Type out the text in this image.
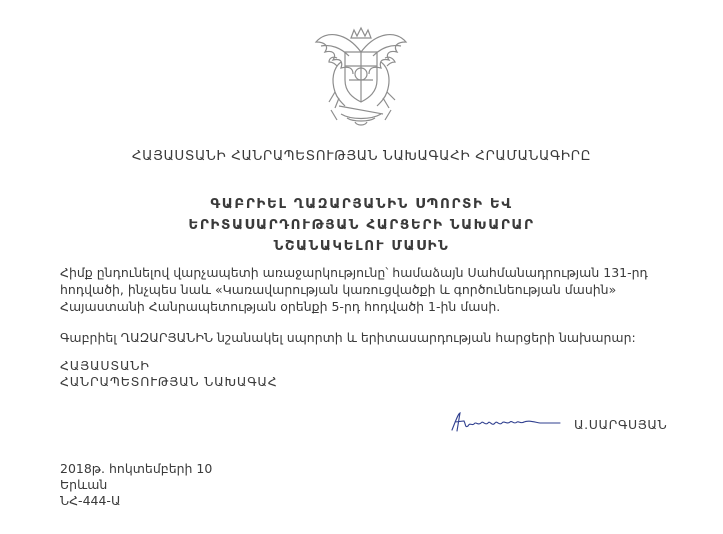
ՀԱՅԱՍՏԱՆԻ ՀԱՆՐԱՊԵՏՈՒԹՅԱՆ ՆԱԽԱԳԱՀԻ ՀՐԱՄԱՆԱԳԻՐԸ
ԳԱԲՐԻԵԼ ՂԱԶԱՐՅԱՆԻՆ ՍՊՈՐՏԻ ԵՎ
ԵՐԻՏԱՍԱՐԴՈՒԹՅԱՆ ՀԱՐՑԵՐԻ ՆԱԽԱՐԱՐ
ՆՇԱՆԱԿԵԼՈՒ ՄԱՍԻՆ
Հիմք ընդունելով վարչապետի առաջարկությունը՝ համաձայն Սահմանադրության 131-րդ
հոդվածի, ինչպես նաև «Կառավարության կառուցվածքի և գործունեության մասին»
Հայաստանի Հանրապետության օրենքի 5-րդ հոդվածի 1-ին մասի.
Գաբրիել ՂԱԶԱՐՅԱՆԻՆ նշանակել սպորտի և երիտասարդության հարցերի նախարար:
ՀԱՅԱՍՏԱՆԻ
ՀԱՆՐԱՊԵՏՈՒԹՅԱՆ ՆԱԽԱԳԱՀ
Ա.ՍԱՐԳՍՅԱՆ
2018թ. հոկտեմբերի 10
Երևան
ՆՀ-444-Ա
